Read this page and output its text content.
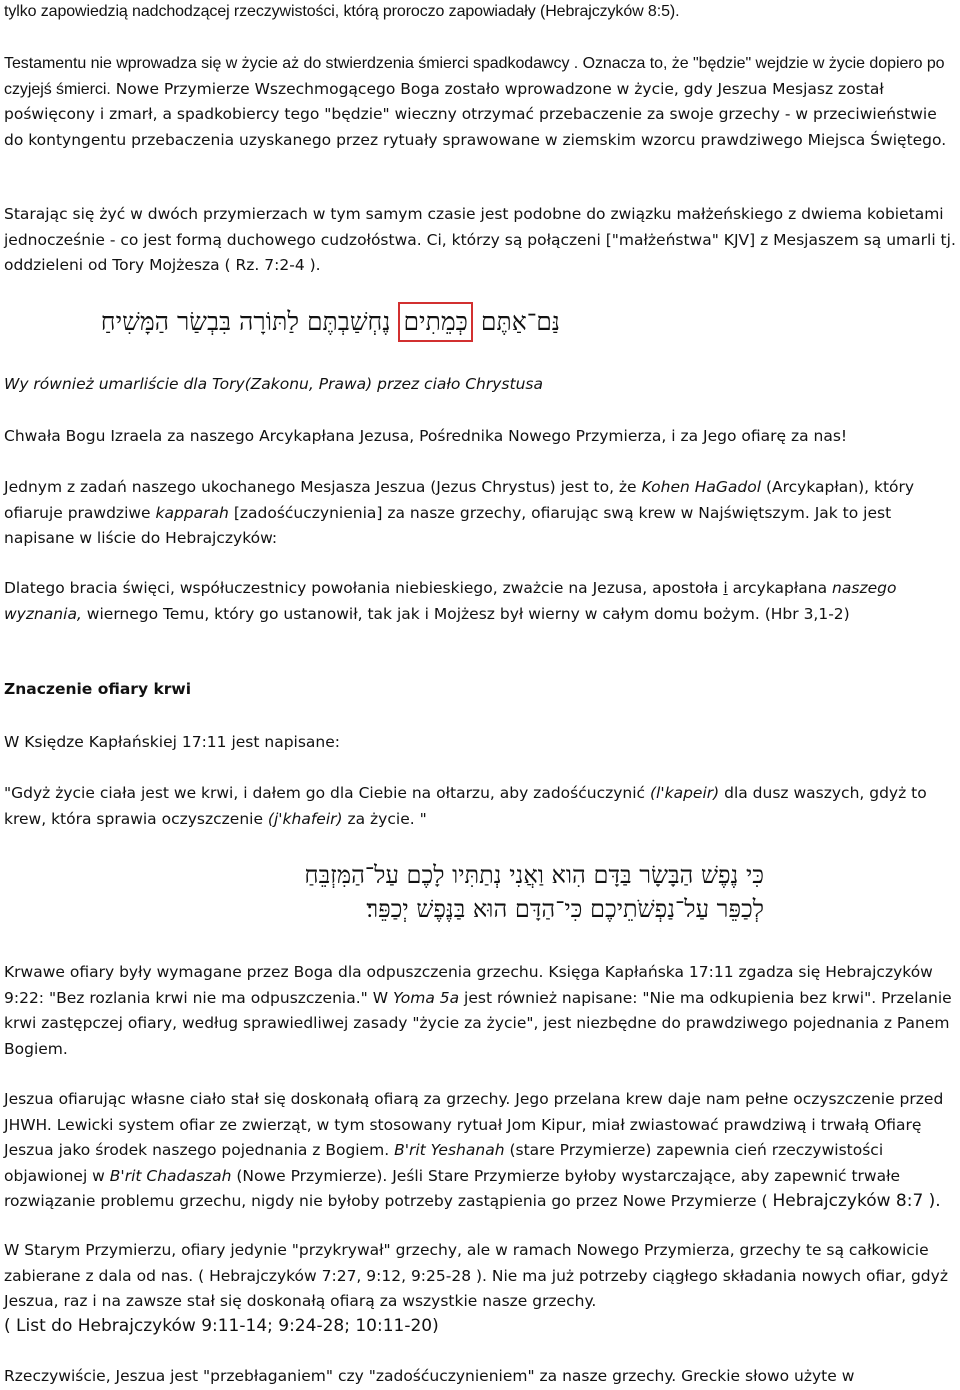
tylko zapowiedzią nadchodzącej rzeczywistości, którą proroczo zapowiadały (Hebrajczyków 8:5).

Testamentu nie wprowadza się w życie aż do stwierdzenia śmierci spadkodawcy . Oznacza to, że "będzie" wejdzie w życie dopiero po czyjejś śmierci. Nowe Przymierze Wszechmogącego Boga zostało wprowadzone w życie, gdy Jeszua Mesjasz został poświęcony i zmarł, a spadkobiercy tego "będzie" wieczny otrzymać przebaczenie za swoje grzechy - w przeciwieństwie do kontyngentu przebaczenia uzyskanego przez rytuały sprawowane w ziemskim wzorcu prawdziwego Miejsca Świętego.

Starając się żyć w dwóch przymierzach w tym samym czasie jest podobne do związku małżeńskiego z dwiema kobietami jednocześnie - co jest formą duchowego cudzołóstwa. Ci, którzy są połączeni ["małżeństwa" KJV] z Mesjaszem są umarli tj. oddzieleni od Tory Mojżesza ( Rz. 7:2-4 ).

נַּם־אַתֶּם כְּמֵתִים נֶחְשַׁבְתֶּם לַתּוֹרָה בִּבְשַׂר הַמָּשִׁיחַ

Wy również umarliście dla Tory(Zakonu, Prawa) przez ciało Chrystusa

Chwała Bogu Izraela za naszego Arcykapłana Jezusa, Pośrednika Nowego Przymierza, i za Jego ofiarę za nas!

Jednym z zadań naszego ukochanego Mesjasza Jeszua (Jezus Chrystus) jest to, że Kohen HaGadol (Arcykapłan), który ofiaruje prawdziwe kapparah [zadośćuczynienia] za nasze grzechy, ofiarując swą krew w Najświętszym. Jak to jest napisane w liście do Hebrajczyków:

Dlatego bracia święci, współuczestnicy powołania niebieskiego, zważcie na Jezusa, apostoła i arcykapłana naszego wyznania, wiernego Temu, który go ustanowił, tak jak i Mojżesz był wierny w całym domu bożym. (Hbr 3,1-2)

Znaczenie ofiary krwi

W Księdze Kapłańskiej 17:11 jest napisane:

"Gdyż życie ciała jest we krwi, i dałem go dla Ciebie na ołtarzu, aby zadośćuczynić (l'kapeir) dla dusz waszych, gdyż to krew, która sprawia oczyszczenie (j'khafeir) za życie. "

כִּי נֶפֶשׁ הַבָּשָׂר בַּדָּם הִוא וַאֲנִי נְתַתִּיו לָכֶם עַל־הַמִּזְבֵּחַ
לְכַפֵּר עַל־נַפְשֹׁתֵיכֶם כִּי־הַדָּם הוּא בַּנֶּפֶשׁ יְכַפֵּר׃

Krwawe ofiary były wymagane przez Boga dla odpuszczenia grzechu. Księga Kapłańska 17:11 zgadza się Hebrajczyków 9:22: "Bez rozlania krwi nie ma odpuszczenia." W Yoma 5a jest również napisane: "Nie ma odkupienia bez krwi". Przelanie krwi zastępczej ofiary, według sprawiedliwej zasady "życie za życie", jest niezbędne do prawdziwego pojednania z Panem Bogiem.

Jeszua ofiarując własne ciało stał się doskonałą ofiarą za grzechy. Jego przelana krew daje nam pełne oczyszczenie przed JHWH. Lewicki system ofiar ze zwierząt, w tym stosowany rytuał Jom Kipur, miał zwiastować prawdziwą i trwałą Ofiarę Jeszua jako środek naszego pojednania z Bogiem. B'rit Yeshanah (stare Przymierze) zapewnia cień rzeczywistości objawionej w B'rit Chadaszah (Nowe Przymierze). Jeśli Stare Przymierze byłoby wystarczające, aby zapewnić trwałe rozwiązanie problemu grzechu, nigdy nie byłoby potrzeby zastąpienia go przez Nowe Przymierze ( Hebrajczyków 8:7 ).

W Starym Przymierzu, ofiary jedynie "przykrywał" grzechy, ale w ramach Nowego Przymierza, grzechy te są całkowicie zabierane z dala od nas. ( Hebrajczyków 7:27, 9:12, 9:25-28 ). Nie ma już potrzeby ciągłego składania nowych ofiar, gdyż Jeszua, raz i na zawsze stał się doskonałą ofiarą za wszystkie nasze grzechy.

( List do Hebrajczyków 9:11-14; 9:24-28; 10:11-20)

Rzeczywiście, Jeszua jest "przebłaganiem" czy "zadośćuczynieniem" za nasze grzechy. Greckie słowo użyte w
